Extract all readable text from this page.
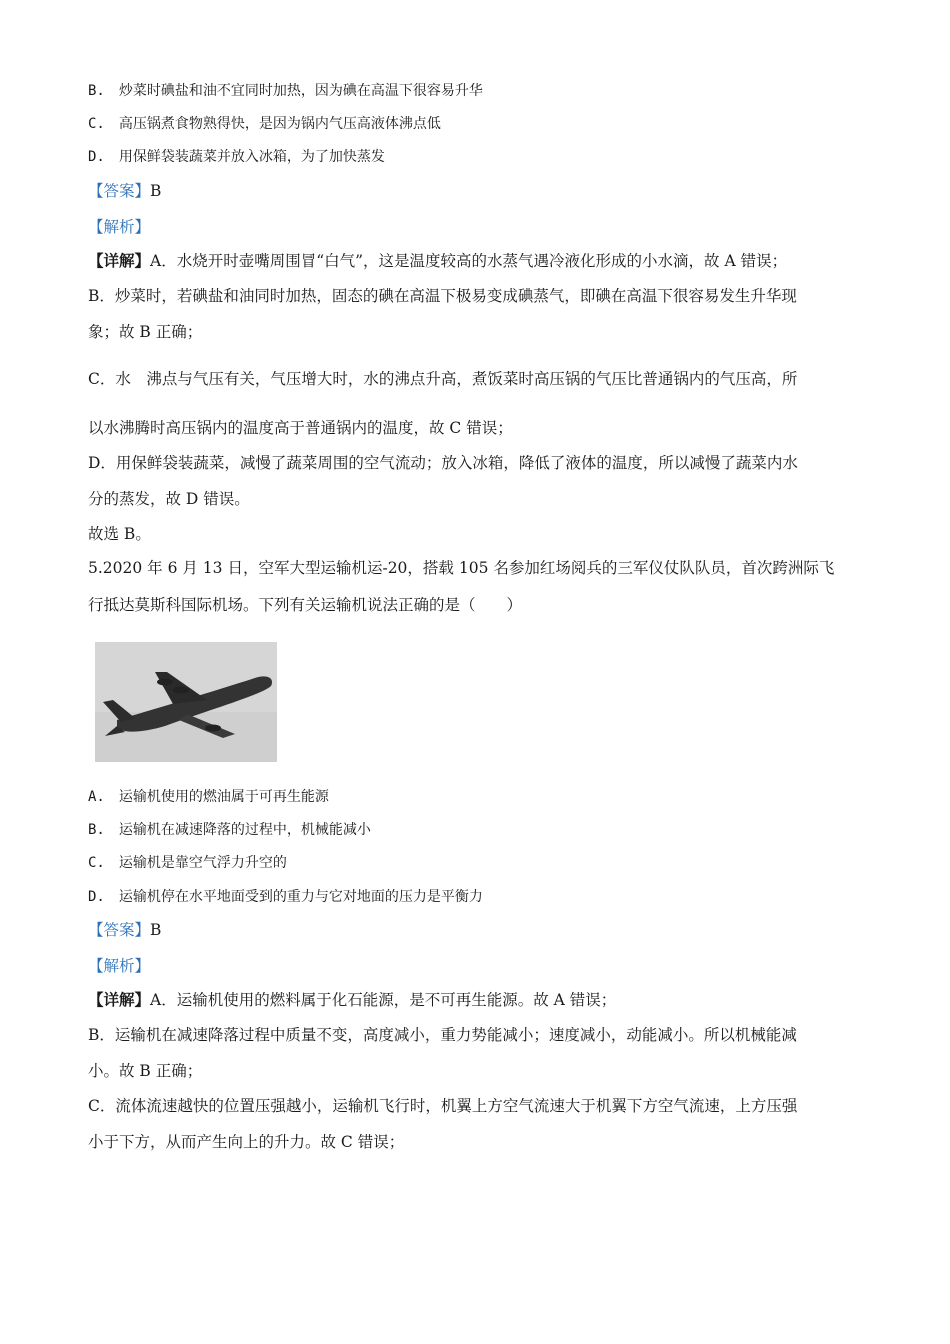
B.　炒菜时碘盐和油不宜同时加热，因为碘在高温下很容易升华
C.　高压锅煮食物熟得快，是因为锅内气压高液体沸点低
D.　用保鲜袋装蔬菜并放入冰箱，为了加快蒸发
【答案】B
【解析】
【详解】A．水烧开时壶嘴周围冒“白气”，这是温度较高的水蒸气遇冷液化形成的小水滴，故 A 错误；
B．炒菜时，若碘盐和油同时加热，固态的碘在高温下极易变成碘蒸气，即碘在高温下很容易发生升华现
象；故 B 正确；
C．水　沸点与气压有关，气压增大时，水的沸点升高，煮饭菜时高压锅的气压比普通锅内的气压高，所
以水沸腾时高压锅内的温度高于普通锅内的温度，故 C 错误；
D．用保鲜袋装蔬菜，减慢了蔬菜周围的空气流动；放入冰箱，降低了液体的温度，所以减慢了蔬菜内水
分的蒸发，故 D 错误。
故选 B。
5.2020 年 6 月 13 日，空军大型运输机运-20，搭载 105 名参加红场阅兵的三军仪仗队队员，首次跨洲际飞
行抵达莫斯科国际机场。下列有关运输机说法正确的是（　　）
A.　运输机使用的燃油属于可再生能源
B.　运输机在减速降落的过程中，机械能减小
C.　运输机是靠空气浮力升空的
D.　运输机停在水平地面受到的重力与它对地面的压力是平衡力
【答案】B
【解析】
【详解】A．运输机使用的燃料属于化石能源，是不可再生能源。故 A 错误；
B．运输机在减速降落过程中质量不变，高度减小，重力势能减小；速度减小，动能减小。所以机械能减
小。故 B 正确；
C．流体流速越快的位置压强越小，运输机飞行时，机翼上方空气流速大于机翼下方空气流速，上方压强
小于下方，从而产生向上的升力。故 C 错误；
